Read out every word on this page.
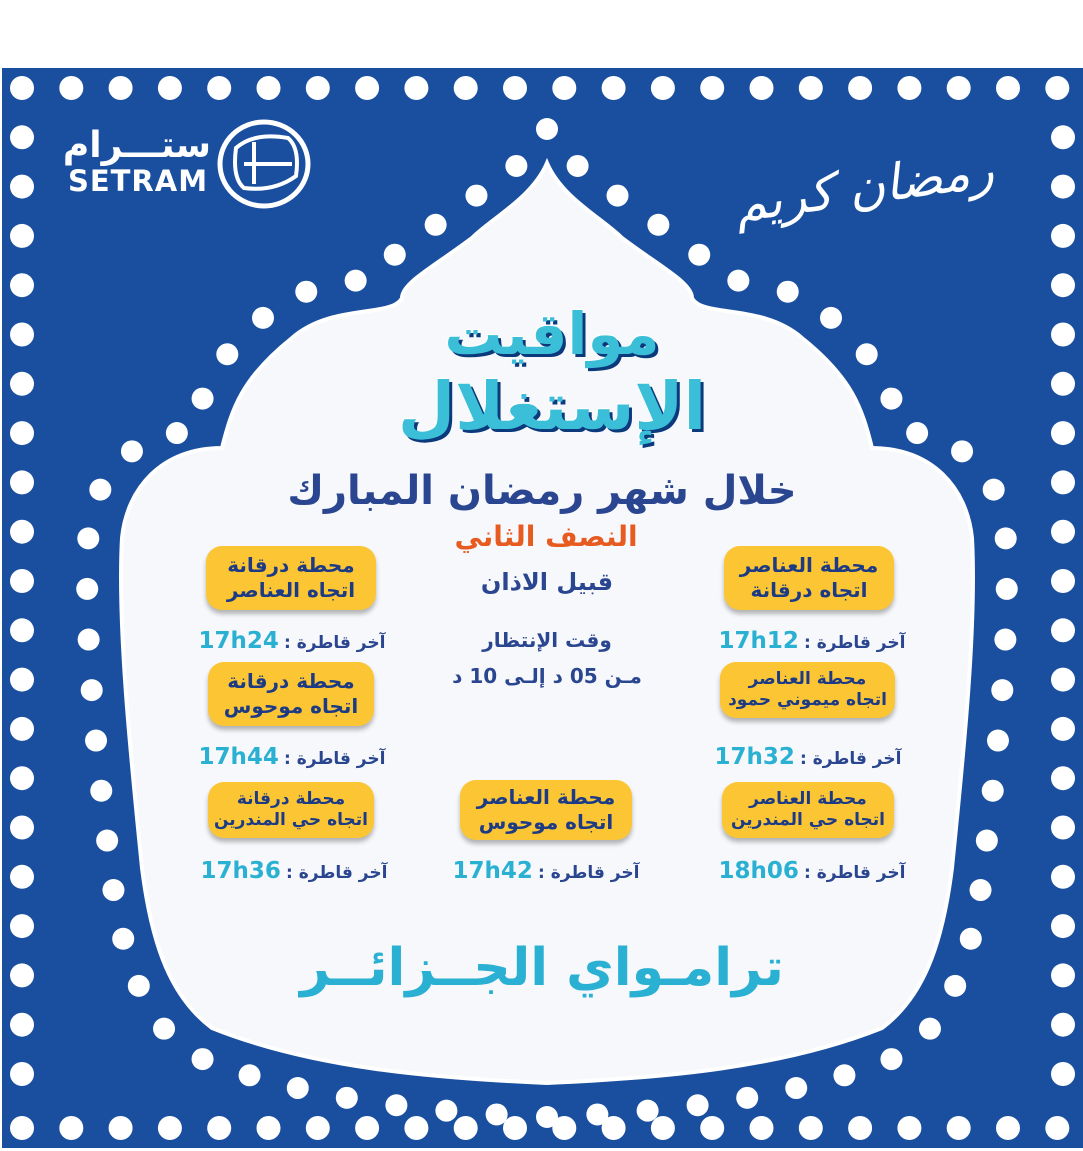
ستـــرام
SETRAM	رمضان كريم
مواقيت
الإستغلال
خلال شهر رمضان المبارك
النصف الثاني
قبيل الاذان
وقت الإنتظار
مـن 05 د إلـى 10 د
محطة العناصر
اتجاه درقانة
آخر قاطرة : 17h12
محطة درقانة
اتجاه العناصر
آخر قاطرة : 17h24
محطة العناصر
اتجاه ميموني حمود
آخر قاطرة : 17h32
محطة درقانة
اتجاه موحوس
آخر قاطرة : 17h44
محطة العناصر
اتجاه حي المندرين
آخر قاطرة : 18h06
محطة العناصر
اتجاه موحوس
آخر قاطرة : 17h42
محطة درقانة
اتجاه حي المندرين
آخر قاطرة : 17h36
ترامـواي الجــزائــر
